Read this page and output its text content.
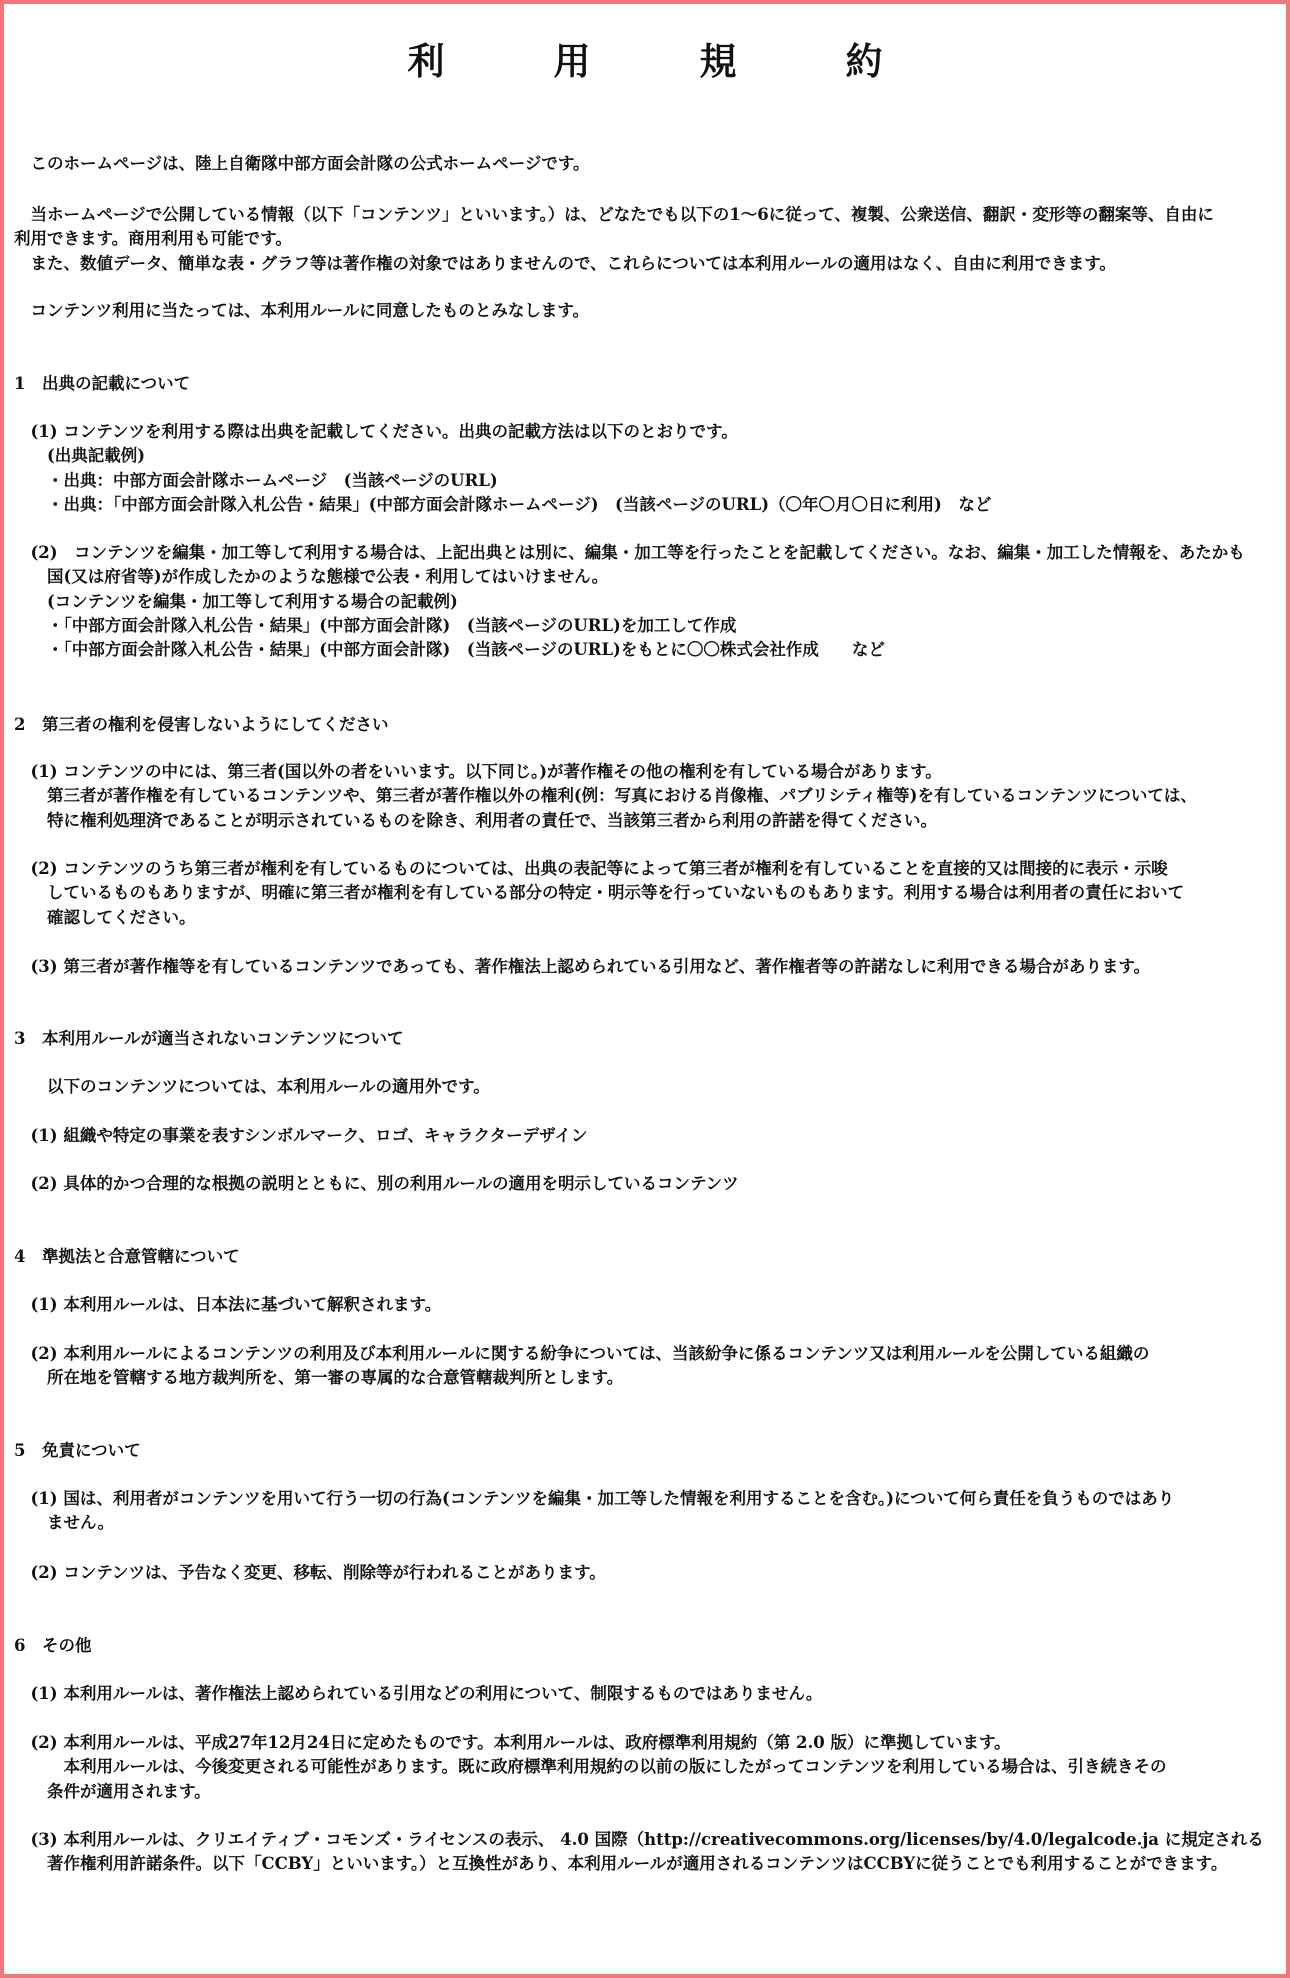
利　用　規　約
　このホームページは、陸上自衛隊中部方面会計隊の公式ホームページです。
　当ホームページで公開している情報（以下「コンテンツ」といいます。）は、どなたでも以下の1～6に従って、複製、公衆送信、翻訳・変形等の翻案等、自由に
利用できます。商用利用も可能です。
　また、数値データ、簡単な表・グラフ等は著作権の対象ではありませんので、これらについては本利用ルールの適用はなく、自由に利用できます。
　コンテンツ利用に当たっては、本利用ルールに同意したものとみなします。
1　出典の記載について
　(1) コンテンツを利用する際は出典を記載してください。出典の記載方法は以下のとおりです。
　　(出典記載例)
　　・出典：中部方面会計隊ホームページ　(当該ページのURL)
　　・出典：「中部方面会計隊入札公告・結果」(中部方面会計隊ホームページ)　(当該ページのURL)（〇年〇月〇日に利用)　など
　(2)　コンテンツを編集・加工等して利用する場合は、上記出典とは別に、編集・加工等を行ったことを記載してください。なお、編集・加工した情報を、あたかも
　　国(又は府省等)が作成したかのような態様で公表・利用してはいけません。
　　(コンテンツを編集・加工等して利用する場合の記載例)
　　・「中部方面会計隊入札公告・結果」(中部方面会計隊)　(当該ページのURL)を加工して作成
　　・「中部方面会計隊入札公告・結果」(中部方面会計隊)　(当該ページのURL)をもとに〇〇株式会社作成　　など
2　第三者の権利を侵害しないようにしてください
　(1) コンテンツの中には、第三者(国以外の者をいいます。以下同じ。)が著作権その他の権利を有している場合があります。
　　第三者が著作権を有しているコンテンツや、第三者が著作権以外の権利(例：写真における肖像権、パブリシティ権等)を有しているコンテンツについては、
　　特に権利処理済であることが明示されているものを除き、利用者の責任で、当該第三者から利用の許諾を得てください。
　(2) コンテンツのうち第三者が権利を有しているものについては、出典の表記等によって第三者が権利を有していることを直接的又は間接的に表示・示唆
　　しているものもありますが、明確に第三者が権利を有している部分の特定・明示等を行っていないものもあります。利用する場合は利用者の責任において
　　確認してください。
　(3) 第三者が著作権等を有しているコンテンツであっても、著作権法上認められている引用など、著作権者等の許諾なしに利用できる場合があります。
3　本利用ルールが適当されないコンテンツについて
　　以下のコンテンツについては、本利用ルールの適用外です。
　(1) 組織や特定の事業を表すシンボルマーク、ロゴ、キャラクターデザイン
　(2) 具体的かつ合理的な根拠の説明とともに、別の利用ルールの適用を明示しているコンテンツ
4　準拠法と合意管轄について
　(1) 本利用ルールは、日本法に基づいて解釈されます。
　(2) 本利用ルールによるコンテンツの利用及び本利用ルールに関する紛争については、当該紛争に係るコンテンツ又は利用ルールを公開している組織の
　　所在地を管轄する地方裁判所を、第一審の専属的な合意管轄裁判所とします。
5　免責について
　(1) 国は、利用者がコンテンツを用いて行う一切の行為(コンテンツを編集・加工等した情報を利用することを含む。)について何ら責任を負うものではあり
　　ません。
　(2) コンテンツは、予告なく変更、移転、削除等が行われることがあります。
6　その他
　(1) 本利用ルールは、著作権法上認められている引用などの利用について、制限するものではありません。
　(2) 本利用ルールは、平成27年12月24日に定めたものです。本利用ルールは、政府標準利用規約（第 2.0 版）に準拠しています。
　　　本利用ルールは、今後変更される可能性があります。既に政府標準利用規約の以前の版にしたがってコンテンツを利用している場合は、引き続きその
　　条件が適用されます。
　(3) 本利用ルールは、クリエイティブ・コモンズ・ライセンスの表示、 4.0 国際（http://creativecommons.org/licenses/by/4.0/legalcode.ja に規定される
　　著作権利用許諾条件。以下「CCBY」といいます。）と互換性があり、本利用ルールが適用されるコンテンツはCCBYに従うことでも利用することができます。
